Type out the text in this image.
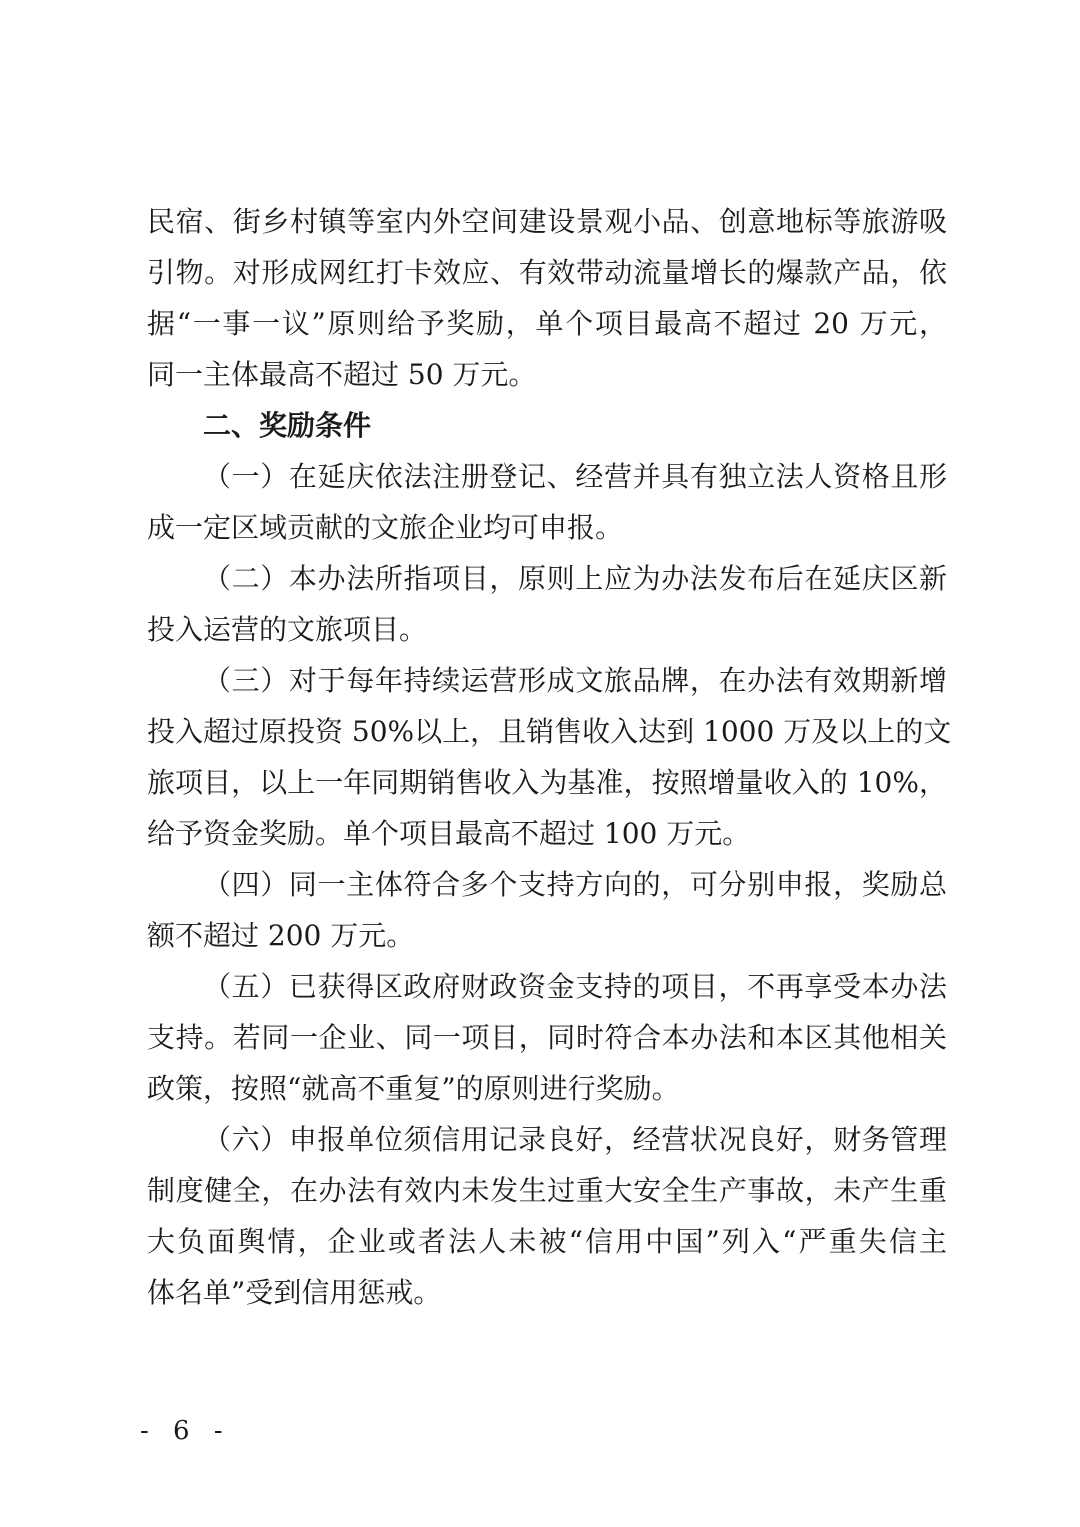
民宿、街乡村镇等室内外空间建设景观小品、创意地标等旅游吸
引物。对形成网红打卡效应、有效带动流量增长的爆款产品，依
据“一事一议”原则给予奖励，单个项目最高不超过 20 万元，
同一主体最高不超过 50 万元。
二、奖励条件
（一）在延庆依法注册登记、经营并具有独立法人资格且形
成一定区域贡献的文旅企业均可申报。
（二）本办法所指项目，原则上应为办法发布后在延庆区新
投入运营的文旅项目。
（三）对于每年持续运营形成文旅品牌，在办法有效期新增
投入超过原投资 50%以上，且销售收入达到 1000 万及以上的文
旅项目，以上一年同期销售收入为基准，按照增量收入的 10%，
给予资金奖励。单个项目最高不超过 100 万元。
（四）同一主体符合多个支持方向的，可分别申报，奖励总
额不超过 200 万元。
（五）已获得区政府财政资金支持的项目，不再享受本办法
支持。若同一企业、同一项目，同时符合本办法和本区其他相关
政策，按照“就高不重复”的原则进行奖励。
（六）申报单位须信用记录良好，经营状况良好，财务管理
制度健全，在办法有效内未发生过重大安全生产事故，未产生重
大负面舆情，企业或者法人未被“信用中国”列入“严重失信主
体名单”受到信用惩戒。
- 6 -
